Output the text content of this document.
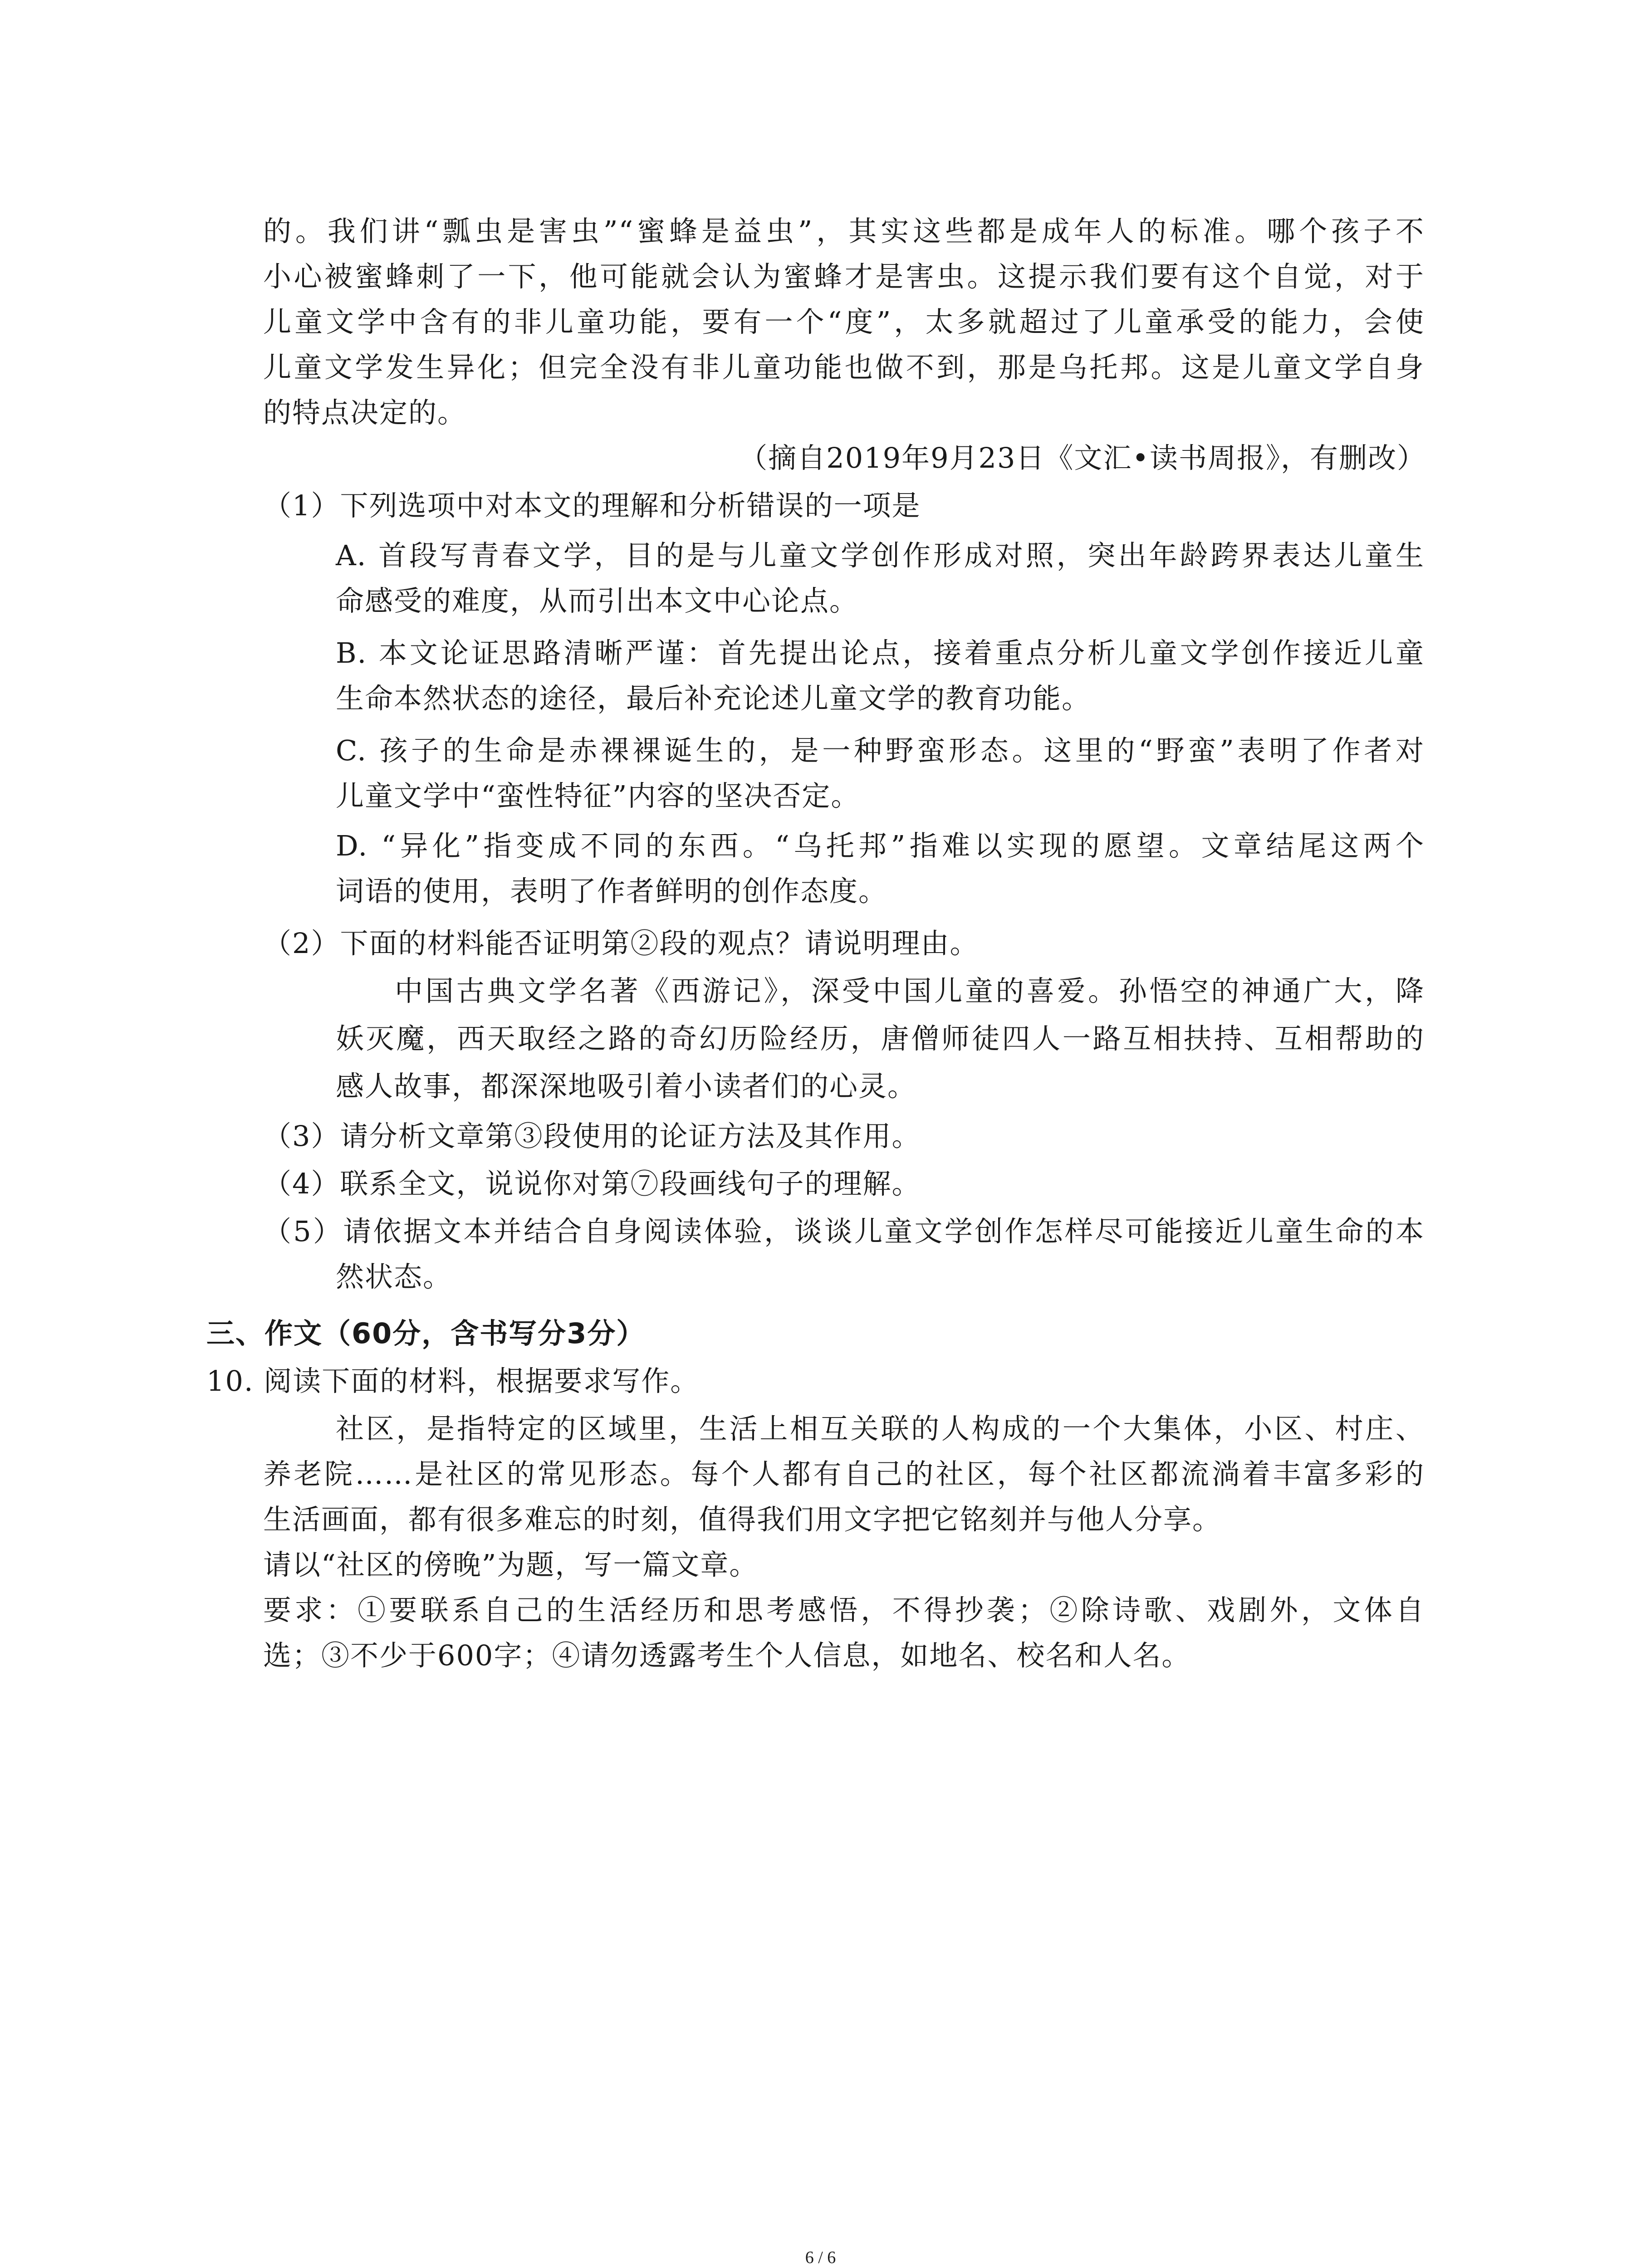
的。我们讲“瓢虫是害虫”“蜜蜂是益虫”，其实这些都是成年人的标准。哪个孩子不
小心被蜜蜂刺了一下，他可能就会认为蜜蜂才是害虫。这提示我们要有这个自觉，对于
儿童文学中含有的非儿童功能，要有一个“度”，太多就超过了儿童承受的能力，会使
儿童文学发生异化；但完全没有非儿童功能也做不到，那是乌托邦。这是儿童文学自身
的特点决定的。
（摘自2019年9月23日《文汇•读书周报》，有删改）
（1）下列选项中对本文的理解和分析错误的一项是
A. 首段写青春文学，目的是与儿童文学创作形成对照，突出年龄跨界表达儿童生
命感受的难度，从而引出本文中心论点。
B. 本文论证思路清晰严谨：首先提出论点，接着重点分析儿童文学创作接近儿童
生命本然状态的途径，最后补充论述儿童文学的教育功能。
C. 孩子的生命是赤裸裸诞生的，是一种野蛮形态。这里的“野蛮”表明了作者对
儿童文学中“蛮性特征”内容的坚决否定。
D. “异化”指变成不同的东西。“乌托邦”指难以实现的愿望。文章结尾这两个
词语的使用，表明了作者鲜明的创作态度。
（2）下面的材料能否证明第②段的观点？请说明理由。
中国古典文学名著《西游记》，深受中国儿童的喜爱。孙悟空的神通广大，降
妖灭魔，西天取经之路的奇幻历险经历，唐僧师徒四人一路互相扶持、互相帮助的
感人故事，都深深地吸引着小读者们的心灵。
（3）请分析文章第③段使用的论证方法及其作用。
（4）联系全文，说说你对第⑦段画线句子的理解。
（5）请依据文本并结合自身阅读体验，谈谈儿童文学创作怎样尽可能接近儿童生命的本
然状态。
三、作文（60分，含书写分3分）
10. 阅读下面的材料，根据要求写作。
社区，是指特定的区域里，生活上相互关联的人构成的一个大集体，小区、村庄、
养老院……是社区的常见形态。每个人都有自己的社区，每个社区都流淌着丰富多彩的
生活画面，都有很多难忘的时刻，值得我们用文字把它铭刻并与他人分享。
请以“社区的傍晚”为题，写一篇文章。
要求：①要联系自己的生活经历和思考感悟，不得抄袭；②除诗歌、戏剧外，文体自
选；③不少于600字；④请勿透露考生个人信息，如地名、校名和人名。
6 / 6
